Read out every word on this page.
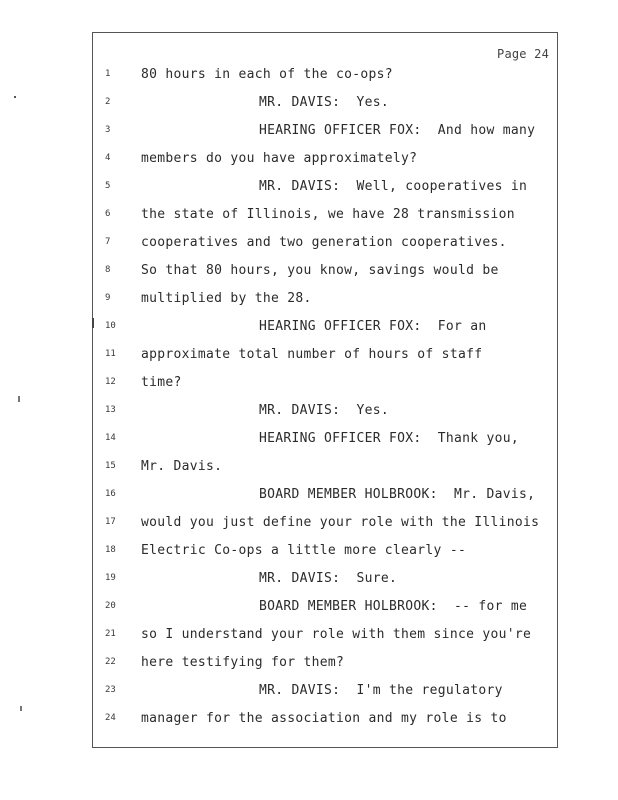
Page 24
1 80 hours in each of the co-ops?
2	MR. DAVIS:  Yes.
3	HEARING OFFICER FOX:  And how many
4 members do you have approximately?
5	MR. DAVIS:  Well, cooperatives in
6 the state of Illinois, we have 28 transmission
7 cooperatives and two generation cooperatives.
8 So that 80 hours, you know, savings would be
9 multiplied by the 28.
10	HEARING OFFICER FOX:  For an
11 approximate total number of hours of staff
12 time?
13	MR. DAVIS:  Yes.
14	HEARING OFFICER FOX:  Thank you,
15 Mr. Davis.
16	BOARD MEMBER HOLBROOK:  Mr. Davis,
17 would you just define your role with the Illinois
18 Electric Co-ops a little more clearly --
19	MR. DAVIS:  Sure.
20	BOARD MEMBER HOLBROOK:  -- for me
21 so I understand your role with them since you're
22 here testifying for them?
23	MR. DAVIS:  I'm the regulatory
24 manager for the association and my role is to
